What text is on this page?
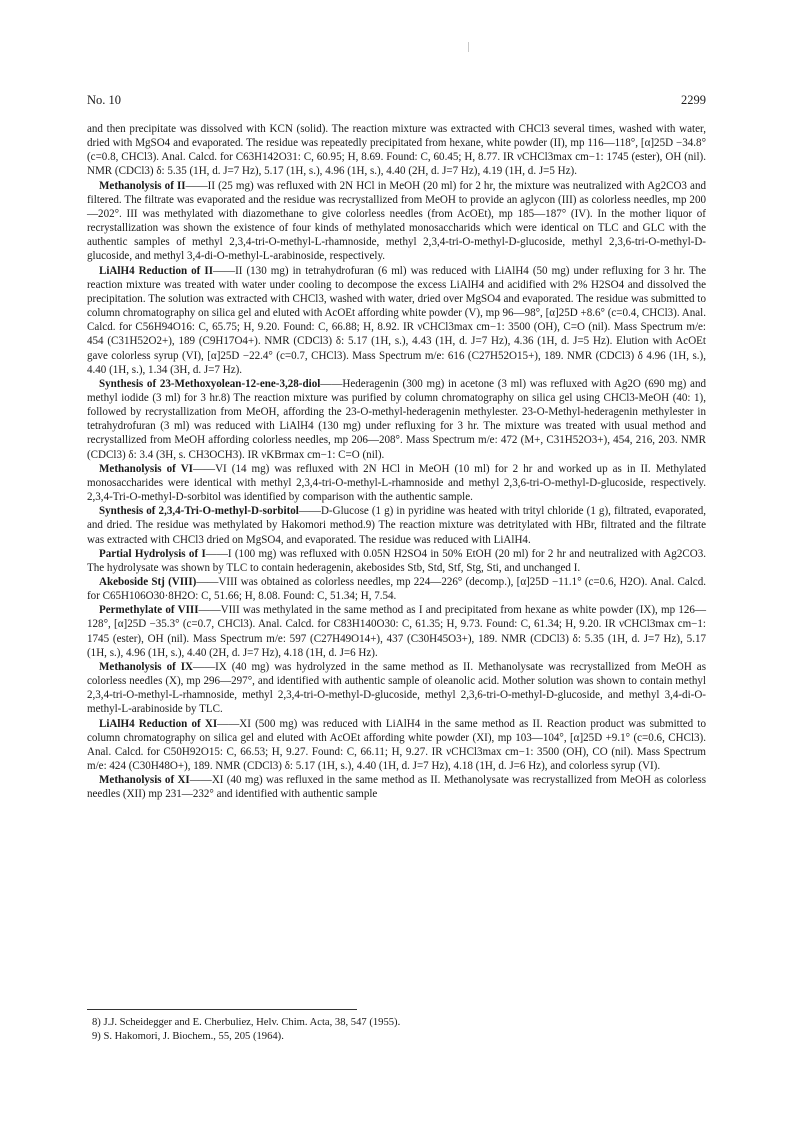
No. 10	2299

and then precipitate was dissolved with KCN (solid). The reaction mixture was extracted with CHCl3 several times, washed with water, dried with MgSO4 and evaporated. The residue was repeatedly precipitated from hexane, white powder (II), mp 116—118°, [α]25D −34.8° (c=0.8, CHCl3). Anal. Calcd. for C63H142O31: C, 60.95; H, 8.69. Found: C, 60.45; H, 8.77. IR νCHCl3max cm−1: 1745 (ester), OH (nil). NMR (CDCl3) δ: 5.35 (1H, d. J=7 Hz), 5.17 (1H, s.), 4.96 (1H, s.), 4.40 (2H, d. J=7 Hz), 4.19 (1H, d. J=5 Hz).

Methanolysis of II——II (25 mg) was refluxed with 2N HCl in MeOH (20 ml) for 2 hr, the mixture was neutralized with Ag2CO3 and filtered. The filtrate was evaporated and the residue was recrystallized from MeOH to provide an aglycon (III) as colorless needles, mp 200—202°. III was methylated with diazomethane to give colorless needles (from AcOEt), mp 185—187° (IV). In the mother liquor of recrystallization was shown the existence of four kinds of methylated monosaccharids which were identical on TLC and GLC with the authentic samples of methyl 2,3,4-tri-O-methyl-L-rhamnoside, methyl 2,3,4-tri-O-methyl-D-glucoside, methyl 2,3,6-tri-O-methyl-D-glucoside, and methyl 3,4-di-O-methyl-L-arabinoside, respectively.

LiAlH4 Reduction of II——II (130 mg) in tetrahydrofuran (6 ml) was reduced with LiAlH4 (50 mg) under refluxing for 3 hr. The reaction mixture was treated with water under cooling to decompose the excess LiAlH4 and acidified with 2% H2SO4 and dissolved the precipitation. The solution was extracted with CHCl3, washed with water, dried over MgSO4 and evaporated. The residue was submitted to column chromatography on silica gel and eluted with AcOEt affording white powder (V), mp 96—98°, [α]25D +8.6° (c=0.4, CHCl3). Anal. Calcd. for C56H94O16: C, 65.75; H, 9.20. Found: C, 66.88; H, 8.92. IR νCHCl3max cm−1: 3500 (OH), C=O (nil). Mass Spectrum m/e: 454 (C31H52O2+), 189 (C9H17O4+). NMR (CDCl3) δ: 5.17 (1H, s.), 4.43 (1H, d. J=7 Hz), 4.36 (1H, d. J=5 Hz). Elution with AcOEt gave colorless syrup (VI), [α]25D −22.4° (c=0.7, CHCl3). Mass Spectrum m/e: 616 (C27H52O15+), 189. NMR (CDCl3) δ 4.96 (1H, s.), 4.40 (1H, s.), 1.34 (3H, d. J=7 Hz).

Synthesis of 23-Methoxyolean-12-ene-3,28-diol——Hederagenin (300 mg) in acetone (3 ml) was refluxed with Ag2O (690 mg) and methyl iodide (3 ml) for 3 hr.8) The reaction mixture was purified by column chromatography on silica gel using CHCl3-MeOH (40: 1), followed by recrystallization from MeOH, affording the 23-O-methyl-hederagenin methylester. 23-O-Methyl-hederagenin methylester in tetrahydrofuran (3 ml) was reduced with LiAlH4 (130 mg) under refluxing for 3 hr. The mixture was treated with usual method and recrystallized from MeOH affording colorless needles, mp 206—208°. Mass Spectrum m/e: 472 (M+, C31H52O3+), 454, 216, 203. NMR (CDCl3) δ: 3.4 (3H, s. CH3OCH3). IR νKBrmax cm−1: C=O (nil).

Methanolysis of VI——VI (14 mg) was refluxed with 2N HCl in MeOH (10 ml) for 2 hr and worked up as in II. Methylated monosaccharides were identical with methyl 2,3,4-tri-O-methyl-L-rhamnoside and methyl 2,3,6-tri-O-methyl-D-glucoside, respectively. 2,3,4-Tri-O-methyl-D-sorbitol was identified by comparison with the authentic sample.

Synthesis of 2,3,4-Tri-O-methyl-D-sorbitol——D-Glucose (1 g) in pyridine was heated with trityl chloride (1 g), filtrated, evaporated, and dried. The residue was methylated by Hakomori method.9) The reaction mixture was detritylated with HBr, filtrated and the filtrate was extracted with CHCl3 dried on MgSO4, and evaporated. The residue was reduced with LiAlH4.

Partial Hydrolysis of I——I (100 mg) was refluxed with 0.05N H2SO4 in 50% EtOH (20 ml) for 2 hr and neutralized with Ag2CO3. The hydrolysate was shown by TLC to contain hederagenin, akebosides Stb, Std, Stf, Stg, Sti, and unchanged I.

Akeboside Stj (VIII)——VIII was obtained as colorless needles, mp 224—226° (decomp.), [α]25D −11.1° (c=0.6, H2O). Anal. Calcd. for C65H106O30·8H2O: C, 51.66; H, 8.08. Found: C, 51.34; H, 7.54.

Permethylate of VIII——VIII was methylated in the same method as I and precipitated from hexane as white powder (IX), mp 126—128°, [α]25D −35.3° (c=0.7, CHCl3). Anal. Calcd. for C83H140O30: C, 61.35; H, 9.73. Found: C, 61.34; H, 9.20. IR νCHCl3max cm−1: 1745 (ester), OH (nil). Mass Spectrum m/e: 597 (C27H49O14+), 437 (C30H45O3+), 189. NMR (CDCl3) δ: 5.35 (1H, d. J=7 Hz), 5.17 (1H, s.), 4.96 (1H, s.), 4.40 (2H, d. J=7 Hz), 4.18 (1H, d. J=6 Hz).

Methanolysis of IX——IX (40 mg) was hydrolyzed in the same method as II. Methanolysate was recrystallized from MeOH as colorless needles (X), mp 296—297°, and identified with authentic sample of oleanolic acid. Mother solution was shown to contain methyl 2,3,4-tri-O-methyl-L-rhamnoside, methyl 2,3,4-tri-O-methyl-D-glucoside, methyl 2,3,6-tri-O-methyl-D-glucoside, and methyl 3,4-di-O-methyl-L-arabinoside by TLC.

LiAlH4 Reduction of XI——XI (500 mg) was reduced with LiAlH4 in the same method as II. Reaction product was submitted to column chromatography on silica gel and eluted with AcOEt affording white powder (XI), mp 103—104°, [α]25D +9.1° (c=0.6, CHCl3). Anal. Calcd. for C50H92O15: C, 66.53; H, 9.27. Found: C, 66.11; H, 9.27. IR νCHCl3max cm−1: 3500 (OH), CO (nil). Mass Spectrum m/e: 424 (C30H48O+), 189. NMR (CDCl3) δ: 5.17 (1H, s.), 4.40 (1H, d. J=7 Hz), 4.18 (1H, d. J=6 Hz), and colorless syrup (VI).

Methanolysis of XI——XI (40 mg) was refluxed in the same method as II. Methanolysate was recrystallized from MeOH as colorless needles (XII) mp 231—232° and identified with authentic sample

8) J.J. Scheidegger and E. Cherbuliez, Helv. Chim. Acta, 38, 547 (1955).

9) S. Hakomori, J. Biochem., 55, 205 (1964).
